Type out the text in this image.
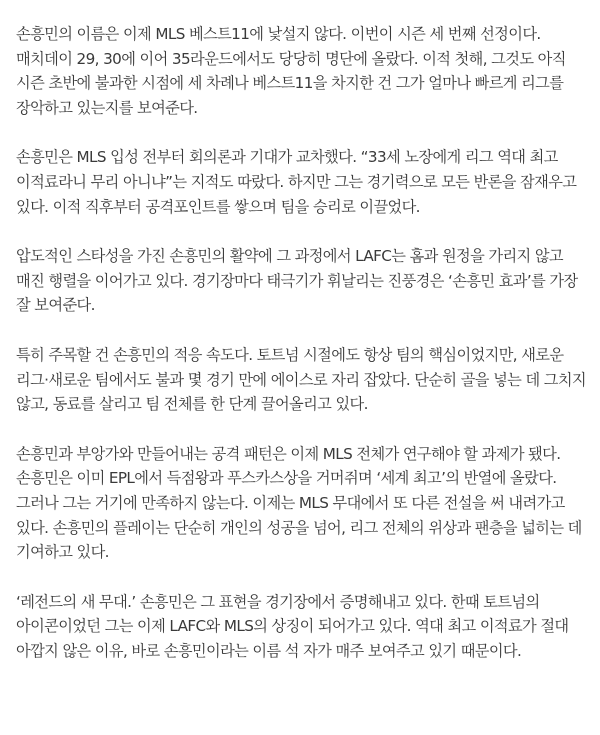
손흥민의 이름은 이제 MLS 베스트11에 낯설지 않다. 이번이 시즌 세 번째 선정이다. 매치데이 29, 30에 이어 35라운드에서도 당당히 명단에 올랐다. 이적 첫해, 그것도 아직 시즌 초반에 불과한 시점에 세 차례나 베스트11을 차지한 건 그가 얼마나 빠르게 리그를 장악하고 있는지를 보여준다.

손흥민은 MLS 입성 전부터 회의론과 기대가 교차했다. “33세 노장에게 리그 역대 최고 이적료라니 무리 아니냐”는 지적도 따랐다. 하지만 그는 경기력으로 모든 반론을 잠재우고 있다. 이적 직후부터 공격포인트를 쌓으며 팀을 승리로 이끌었다.

압도적인 스타성을 가진 손흥민의 활약에 그 과정에서 LAFC는 홈과 원정을 가리지 않고 매진 행렬을 이어가고 있다. 경기장마다 태극기가 휘날리는 진풍경은 ‘손흥민 효과’를 가장 잘 보여준다.

특히 주목할 건 손흥민의 적응 속도다. 토트넘 시절에도 항상 팀의 핵심이었지만, 새로운 리그·새로운 팀에서도 불과 몇 경기 만에 에이스로 자리 잡았다. 단순히 골을 넣는 데 그치지 않고, 동료를 살리고 팀 전체를 한 단계 끌어올리고 있다.

손흥민과 부앙가와 만들어내는 공격 패턴은 이제 MLS 전체가 연구해야 할 과제가 됐다. 손흥민은 이미 EPL에서 득점왕과 푸스카스상을 거머쥐며 ‘세계 최고’의 반열에 올랐다. 그러나 그는 거기에 만족하지 않는다. 이제는 MLS 무대에서 또 다른 전설을 써 내려가고 있다. 손흥민의 플레이는 단순히 개인의 성공을 넘어, 리그 전체의 위상과 팬층을 넓히는 데 기여하고 있다.

‘레전드의 새 무대.’ 손흥민은 그 표현을 경기장에서 증명해내고 있다. 한때 토트넘의 아이콘이었던 그는 이제 LAFC와 MLS의 상징이 되어가고 있다. 역대 최고 이적료가 절대 아깝지 않은 이유, 바로 손흥민이라는 이름 석 자가 매주 보여주고 있기 때문이다.
